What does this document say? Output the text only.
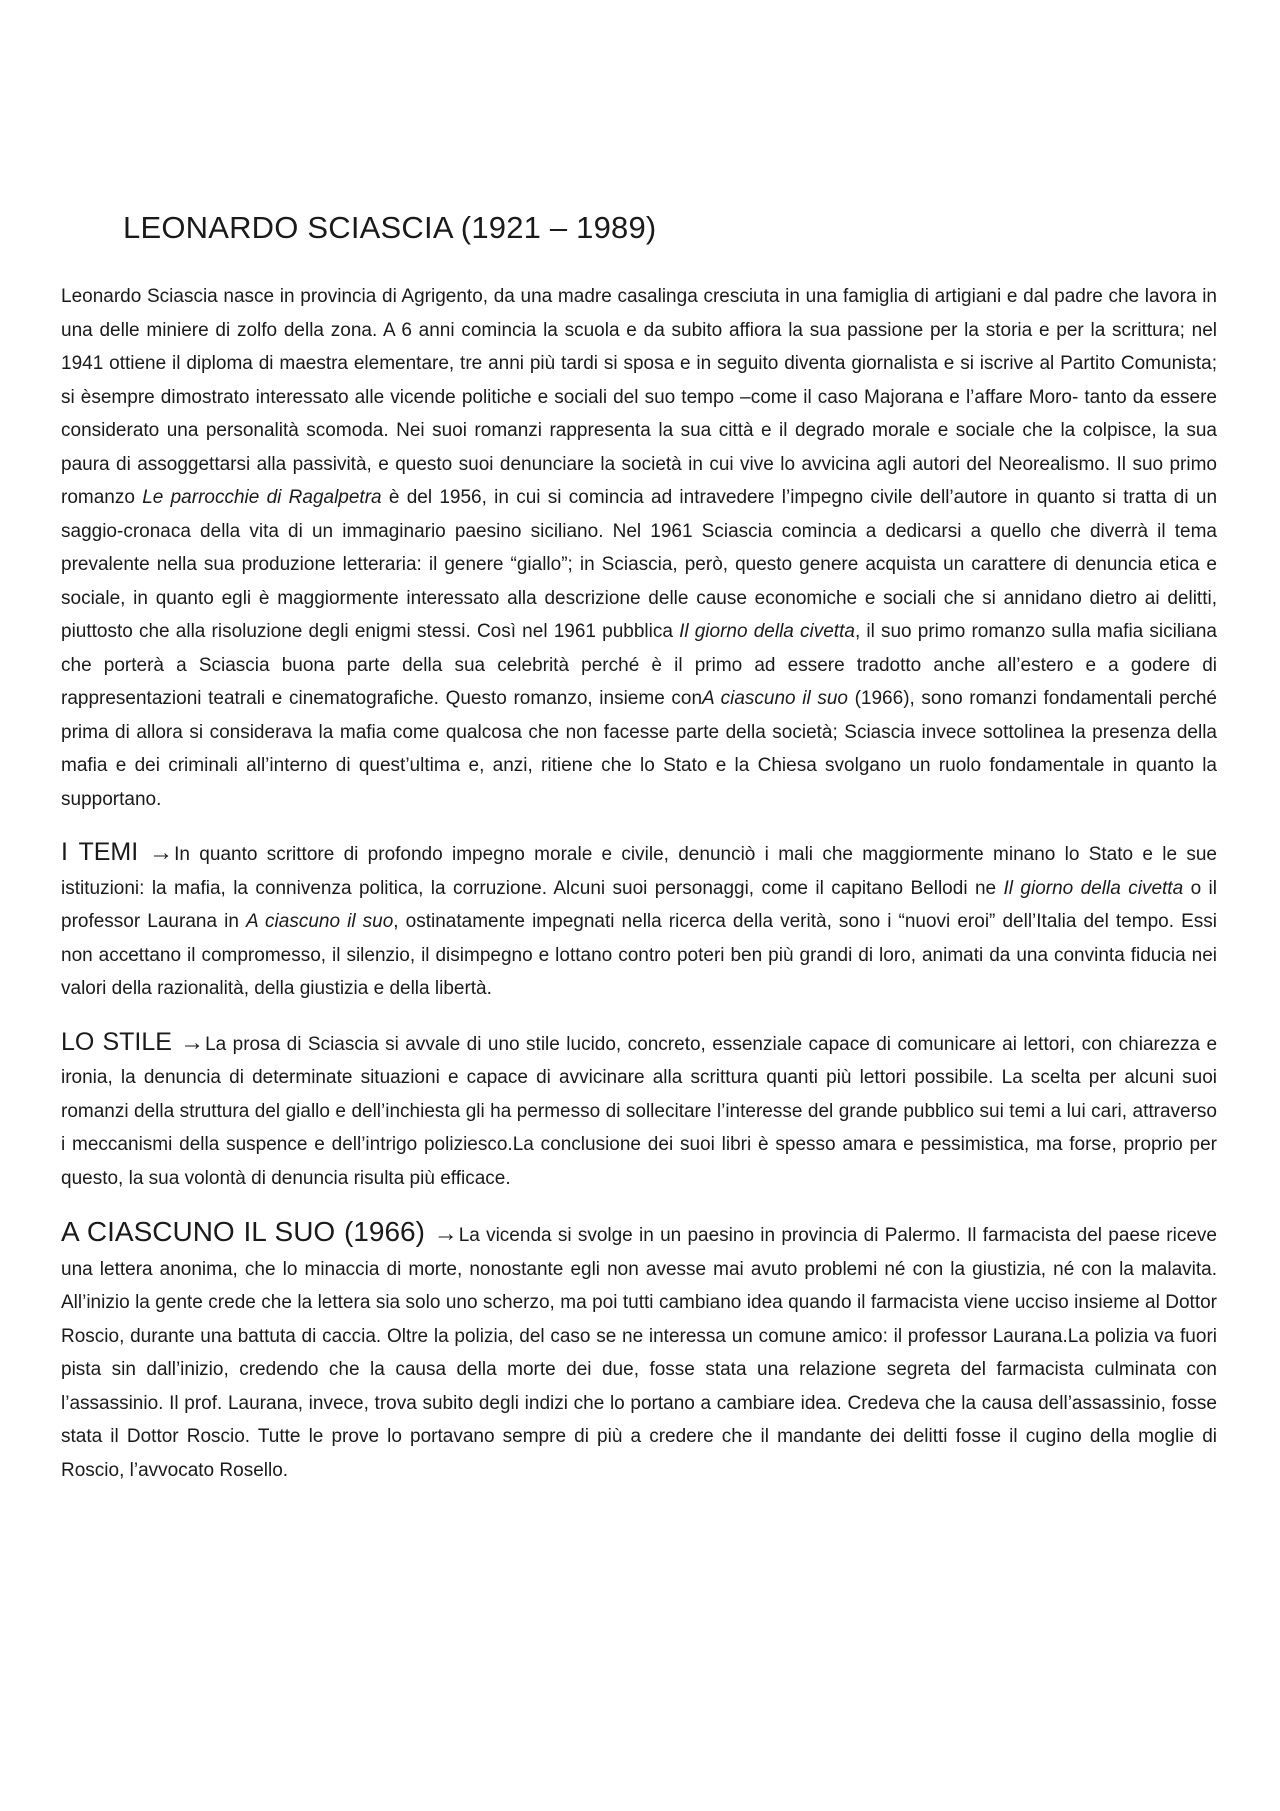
LEONARDO SCIASCIA (1921 – 1989)

Leonardo Sciascia nasce in provincia di Agrigento, da una madre casalinga cresciuta in una famiglia di artigiani e dal padre che lavora in una delle miniere di zolfo della zona. A 6 anni comincia la scuola e da subito affiora la sua passione per la storia e per la scrittura; nel 1941 ottiene il diploma di maestra elementare, tre anni più tardi si sposa e in seguito diventa giornalista e si iscrive al Partito Comunista; si èsempre dimostrato interessato alle vicende politiche e sociali del suo tempo –come il caso Majorana e l’affare Moro- tanto da essere considerato una personalità scomoda. Nei suoi romanzi rappresenta la sua città e il degrado morale e sociale che la colpisce, la sua paura di assoggettarsi alla passività, e questo suoi denunciare la società in cui vive lo avvicina agli autori del Neorealismo. Il suo primo romanzo Le parrocchie di Ragalpetra è del 1956, in cui si comincia ad intravedere l’impegno civile dell’autore in quanto si tratta di un saggio-cronaca della vita di un immaginario paesino siciliano. Nel 1961 Sciascia comincia a dedicarsi a quello che diverrà il tema prevalente nella sua produzione letteraria: il genere “giallo”; in Sciascia, però, questo genere acquista un carattere di denuncia etica e sociale, in quanto egli è maggiormente interessato alla descrizione delle cause economiche e sociali che si annidano dietro ai delitti, piuttosto che alla risoluzione degli enigmi stessi. Così nel 1961 pubblica Il giorno della civetta, il suo primo romanzo sulla mafia siciliana che porterà a Sciascia buona parte della sua celebrità perché è il primo ad essere tradotto anche all’estero e a godere di rappresentazioni teatrali e cinematografiche. Questo romanzo, insieme conA ciascuno il suo (1966), sono romanzi fondamentali perché prima di allora si considerava la mafia come qualcosa che non facesse parte della società; Sciascia invece sottolinea la presenza della mafia e dei criminali all’interno di quest’ultima e, anzi, ritiene che lo Stato e la Chiesa svolgano un ruolo fondamentale in quanto la supportano.

I TEMI →In quanto scrittore di profondo impegno morale e civile, denunciò i mali che maggiormente minano lo Stato e le sue istituzioni: la mafia, la connivenza politica, la corruzione. Alcuni suoi personaggi, come il capitano Bellodi ne Il giorno della civetta o il professor Laurana in A ciascuno il suo, ostinatamente impegnati nella ricerca della verità, sono i “nuovi eroi” dell’Italia del tempo. Essi non accettano il compromesso, il silenzio, il disimpegno e lottano contro poteri ben più grandi di loro, animati da una convinta fiducia nei valori della razionalità, della giustizia e della libertà.

LO STILE →La prosa di Sciascia si avvale di uno stile lucido, concreto, essenziale capace di comunicare ai lettori, con chiarezza e ironia, la denuncia di determinate situazioni e capace di avvicinare alla scrittura quanti più lettori possibile. La scelta per alcuni suoi romanzi della struttura del giallo e dell’inchiesta gli ha permesso di sollecitare l’interesse del grande pubblico sui temi a lui cari, attraverso i meccanismi della suspence e dell’intrigo poliziesco.La conclusione dei suoi libri è spesso amara e pessimistica, ma forse, proprio per questo, la sua volontà di denuncia risulta più efficace.

A CIASCUNO IL SUO (1966) →La vicenda si svolge in un paesino in provincia di Palermo. Il farmacista del paese riceve una lettera anonima, che lo minaccia di morte, nonostante egli non avesse mai avuto problemi né con la giustizia, né con la malavita. All’inizio la gente crede che la lettera sia solo uno scherzo, ma poi tutti cambiano idea quando il farmacista viene ucciso insieme al Dottor Roscio, durante una battuta di caccia. Oltre la polizia, del caso se ne interessa un comune amico: il professor Laurana.La polizia va fuori pista sin dall’inizio, credendo che la causa della morte dei due, fosse stata una relazione segreta del farmacista culminata con l’assassinio. Il prof. Laurana, invece, trova subito degli indizi che lo portano a cambiare idea. Credeva che la causa dell’assassinio, fosse stata il Dottor Roscio. Tutte le prove lo portavano sempre di più a credere che il mandante dei delitti fosse il cugino della moglie di Roscio, l’avvocato Rosello.
